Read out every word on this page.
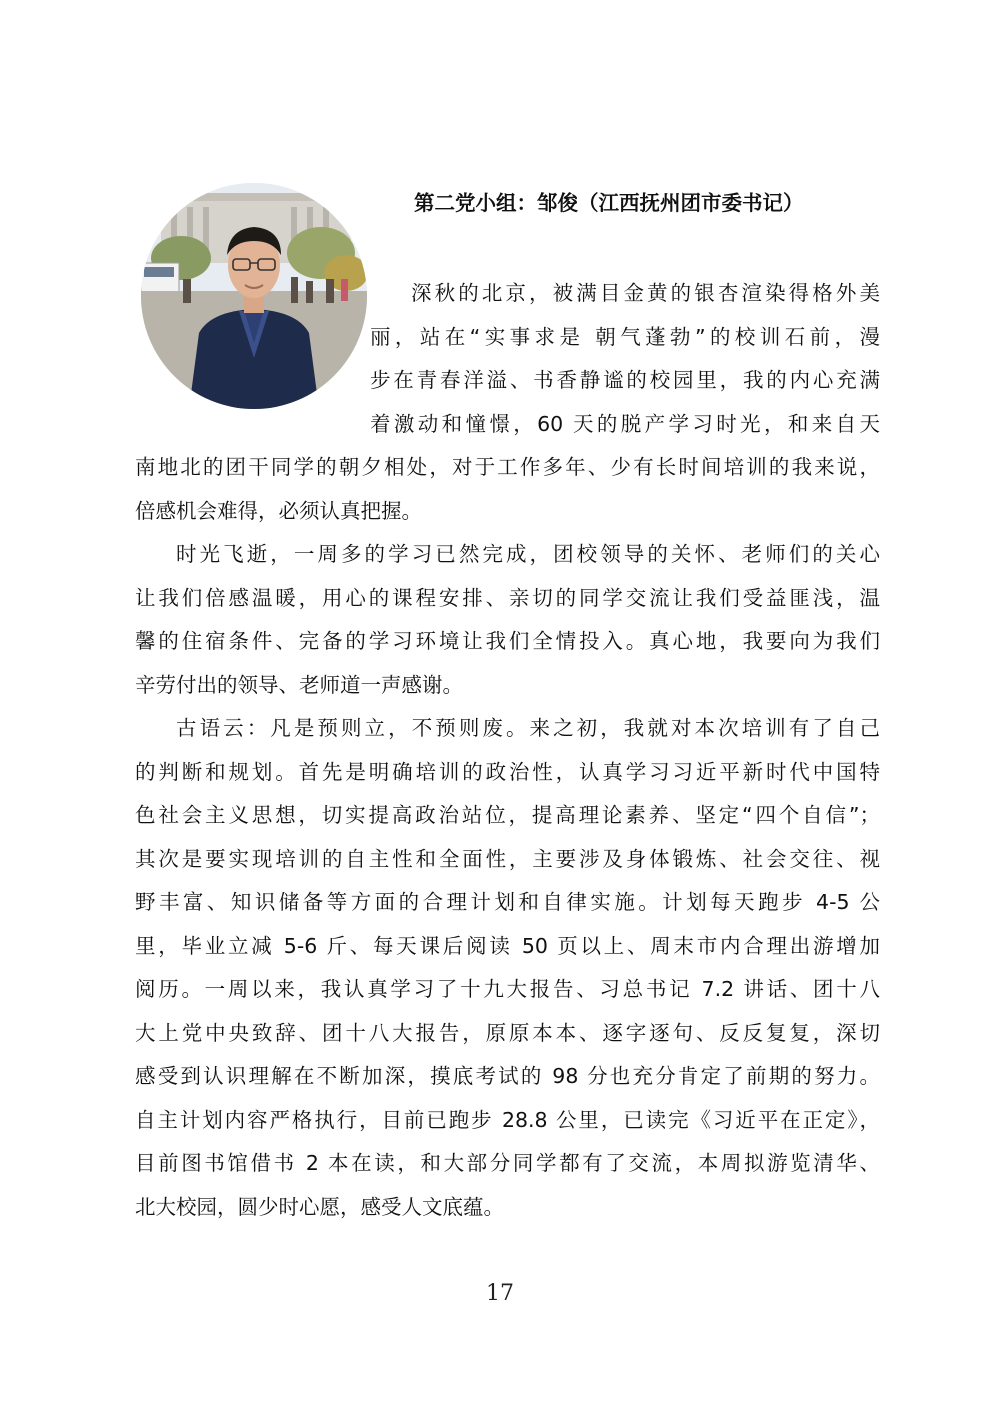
第二党小组：邹俊（江西抚州团市委书记）
深秋的北京，被满目金黄的银杏渲染得格外美
丽，站在“实事求是 朝气蓬勃”的校训石前，漫
步在青春洋溢、书香静谧的校园里，我的内心充满
着激动和憧憬，60 天的脱产学习时光，和来自天
南地北的团干同学的朝夕相处，对于工作多年、少有长时间培训的我来说，
倍感机会难得，必须认真把握。
时光飞逝，一周多的学习已然完成，团校领导的关怀、老师们的关心
让我们倍感温暖，用心的课程安排、亲切的同学交流让我们受益匪浅，温
馨的住宿条件、完备的学习环境让我们全情投入。真心地，我要向为我们
辛劳付出的领导、老师道一声感谢。
古语云：凡是预则立，不预则废。来之初，我就对本次培训有了自己
的判断和规划。首先是明确培训的政治性，认真学习习近平新时代中国特
色社会主义思想，切实提高政治站位，提高理论素养、坚定“四个自信”；
其次是要实现培训的自主性和全面性，主要涉及身体锻炼、社会交往、视
野丰富、知识储备等方面的合理计划和自律实施。计划每天跑步 4-5 公
里，毕业立减 5-6 斤、每天课后阅读 50 页以上、周末市内合理出游增加
阅历。一周以来，我认真学习了十九大报告、习总书记 7.2 讲话、团十八
大上党中央致辞、团十八大报告，原原本本、逐字逐句、反反复复，深切
感受到认识理解在不断加深，摸底考试的 98 分也充分肯定了前期的努力。
自主计划内容严格执行，目前已跑步 28.8 公里，已读完《习近平在正定》，
目前图书馆借书 2 本在读，和大部分同学都有了交流，本周拟游览清华、
北大校园，圆少时心愿，感受人文底蕴。
17
